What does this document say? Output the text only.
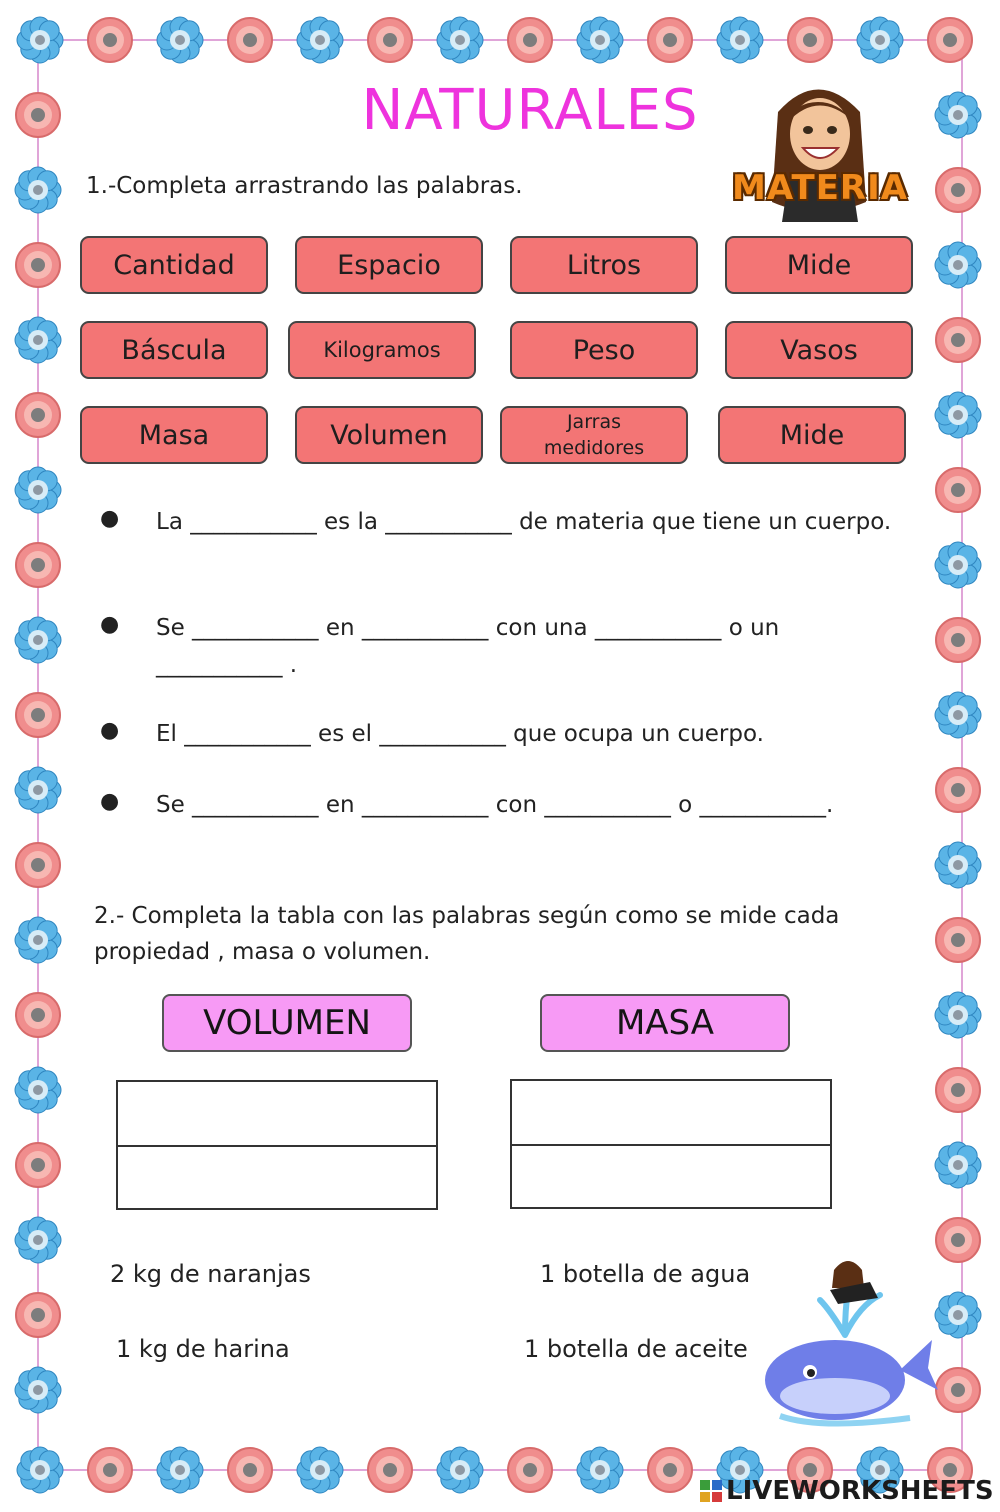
NATURALES
MATERIA
1.-Completa arrastrando las palabras.
Cantidad	Espacio	Litros	Mide
Báscula	Kilogramos	Peso	Vasos
Masa	Volumen	Jarras medidores	Mide
● La ___________ es la ___________ de materia que tiene un cuerpo.
● Se ___________ en ___________ con una ___________ o un ___________ .
● El ___________ es el ___________ que ocupa un cuerpo.
● Se ___________ en ___________ con ___________ o ___________.
2.- Completa la tabla con las palabras según como se mide cada propiedad , masa o volumen.
VOLUMEN	MASA
2 kg de naranjas	1 botella de agua
1 kg de harina	1 botella de aceite
LIVEWORKSHEETS
